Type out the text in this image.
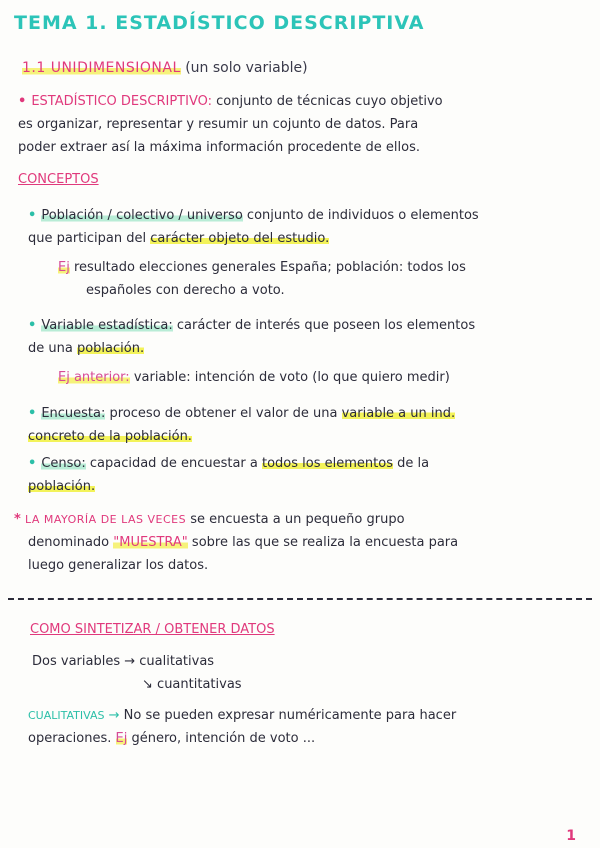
TEMA 1. ESTADÍSTICO DESCRIPTIVA
1.1 UNIDIMENSIONAL (un solo variable)

• ESTADÍSTICO DESCRIPTIVO: conjunto de técnicas cuyo objetivo

es organizar, representar y resumir un cojunto de datos. Para

poder extraer así la máxima información procedente de ellos.

CONCEPTOS

• Población / colectivo / universo conjunto de individuos o elementos

que participan del carácter objeto del estudio.

Ej resultado elecciones generales España; población: todos los

españoles con derecho a voto.

• Variable estadística: carácter de interés que poseen los elementos

de una población.

Ej anterior: variable: intención de voto (lo que quiero medir)

• Encuesta: proceso de obtener el valor de una variable a un ind.

concreto de la población.

• Censo: capacidad de encuestar a todos los elementos de la

población.

* LA MAYORÍA DE LAS VECES se encuesta a un pequeño grupo

denominado "MUESTRA" sobre las que se realiza la encuesta para

luego generalizar los datos.

COMO SINTETIZAR / OBTENER DATOS

Dos variables → cualitativas

↘ cuantitativas

CUALITATIVAS → No se pueden expresar numéricamente para hacer

operaciones. Ej género, intención de voto ...

1
